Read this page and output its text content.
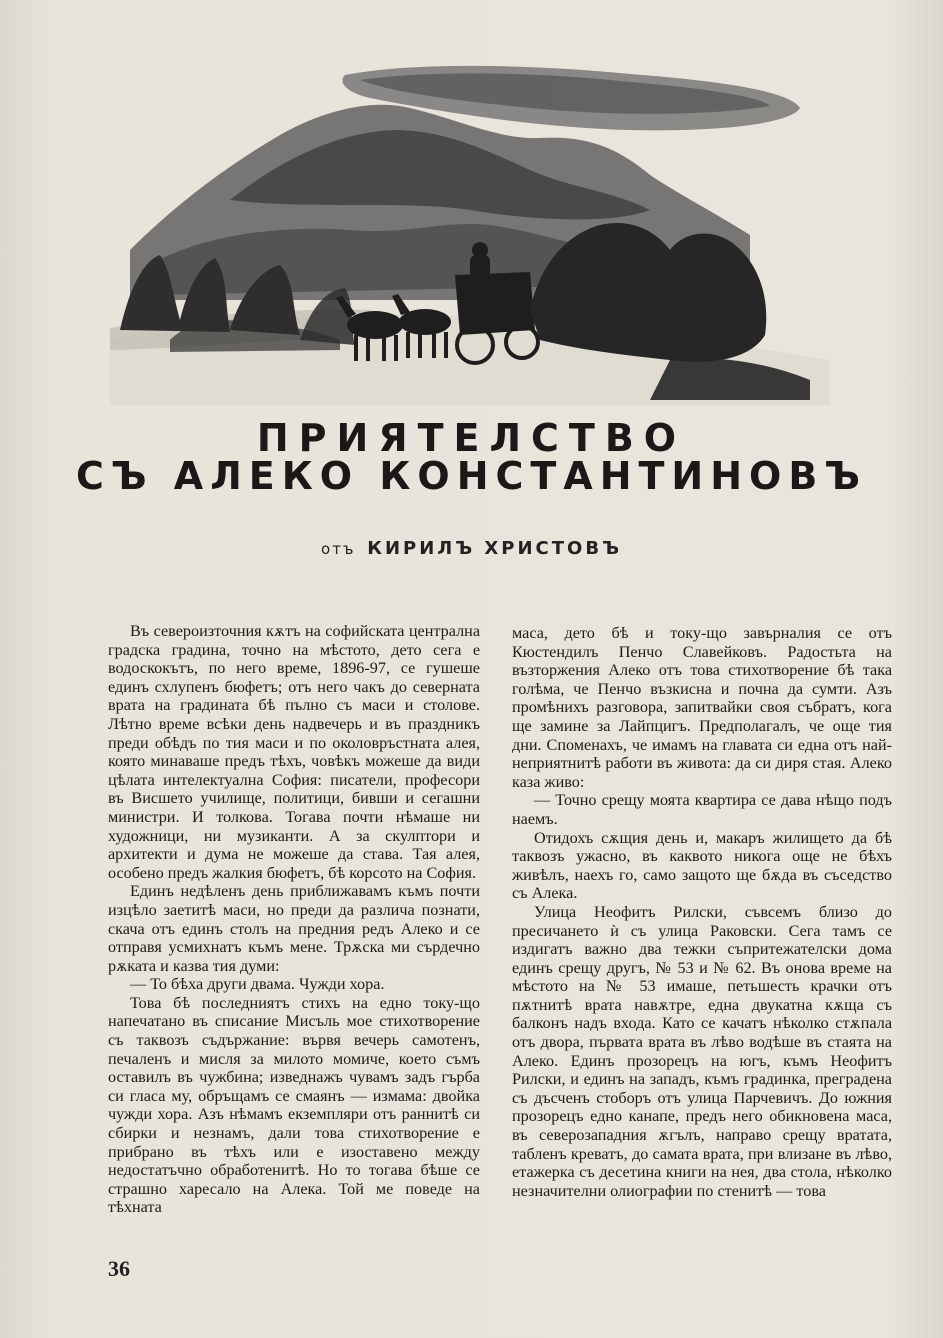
ПРИЯТЕЛСТВО
СЪ АЛЕКО КОНСТАНТИНОВЪ
отъ КИРИЛЪ ХРИСТОВЪ

Въ североизточния кѫтъ на софийската централна градска градина, точно на мѣстото, дето сега е водоскокътъ, по него време, 1896-97, се гушеше единъ схлупенъ бюфетъ; отъ него чакъ до северната врата на градината бѣ пълно съ маси и столове. Лѣтно време всѣки день надвечерь и въ праздникъ преди обѣдъ по тия маси и по околовръстната алея, която минаваше предъ тѣхъ, човѣкъ можеше да види цѣлата интелектуална София: писатели, професори въ Висшето училище, политици, бивши и сегашни министри. И толкова. Тогава почти нѣмаше ни художници, ни музиканти. А за скулптори и архитекти и дума не можеше да става. Тая алея, особено предъ жалкия бюфетъ, бѣ корсото на София.

Единъ недѣленъ день приближавамъ къмъ почти изцѣло заетитѣ маси, но преди да различа познати, скача отъ единъ столъ на предния редъ Алеко и се отправя усмихнатъ къмъ мене. Трѫска ми сърдечно рѫката и казва тия думи:

— То бѣха други двама. Чужди хора.

Това бѣ последниятъ стихъ на едно току-що напечатано въ списание Мисъль мое стихотворение съ таквозъ съдържание: вървя вечерь самотенъ, печаленъ и мисля за милото момиче, което съмъ оставилъ въ чужбина; изведнажъ чувамъ задъ гърба си гласа му, обръщамъ се смаянъ — измама: двойка чужди хора. Азъ нѣмамъ екземпляри отъ раннитѣ си сбирки и незнамъ, дали това стихотворение е прибрано въ тѣхъ или е изоставено между недостатъчно обработенитѣ. Но то тогава бѣше се страшно харесало на Алека. Той ме поведе на тѣхната

маса, дето бѣ и току-що завърналия се отъ Кюстендилъ Пенчо Славейковъ. Радостьта на възторжения Алеко отъ това стихотворение бѣ така голѣма, че Пенчо възкисна и почна да сумти. Азъ промѣнихъ разговора, запитвайки своя събратъ, кога ще замине за Лайпцигъ. Предполагалъ, че още тия дни. Споменахъ, че имамъ на главата си една отъ най-неприятнитѣ работи въ живота: да си диря стая. Алеко каза живо:

— Точно срещу моята квартира се дава нѣщо подъ наемъ.

Отидохъ сѫщия день и, макаръ жилището да бѣ таквозъ ужасно, въ каквото никогa още не бѣхъ живѣлъ, наехъ го, само защото ще бѫда въ съседство съ Алека.

Улица Неофитъ Рилски, съвсемъ близо до пресичането ѝ съ улица Раковски. Сега тамъ се издигатъ важно два тежки съпритежателски дома единъ срещу другъ, № 53 и № 62. Въ онова време на мѣстото на № 53 имаше, петьшесть крачки отъ пѫтнитѣ врата навѫтре, една двукатна кѫща съ балконъ надъ входа. Като се качатъ нѣколко стѫпала отъ двора, първата врата въ лѣво водѣше въ стаята на Алеко. Единъ прозорецъ на югъ, къмъ Неофитъ Рилски, и единъ на западъ, къмъ градинка, преградена съ дъсченъ стоборъ отъ улица Парчевичъ. До южния прозорецъ едно канапе, предъ него обикновена маса, въ северозападния ѫгълъ, направо срещу вратата, табленъ креватъ, до самата врата, при влизане въ лѣво, етажерка съ десетина книги на нея, два стола, нѣколко незначителни олиографии по стенитѣ — това

36
